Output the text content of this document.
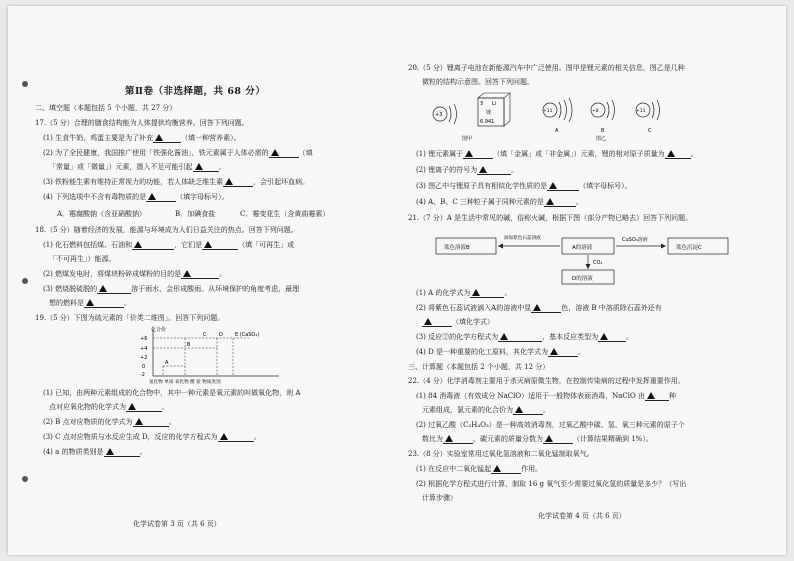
第Ⅱ卷（非选择题，共 68 分）
二、填空题（本题包括 5 个小题，共 27 分）
17.（5 分）合理的膳食结构能为人体提供均衡营养。回答下列问题。
(1) 生食牛奶、鸡蛋主要是为了补充	（填一种营养素）。
(2) 为了全民健康，我国推广使用「铁强化酱油」，铁元素属于人体必需的	（填
「常量」或「微量」）元素，摄入不足可能引起	。
(3) 铁粉能生素有维持正常视力的功能，若人体缺乏维生素	，会引起坏血病。
(4) 下列选项中不含有毒物质的是	（填字母标号）。
A．霉腐酸钠（含亚硝酸钠）	B．加碘食盐	C．霉变花生（含黄曲霉素）
18.（5 分）随着经济的发展，能源与环境成为人们日益关注的热点。回答下列问题。
(1) 化石燃料包括煤、石油和	，它们是	（填「可再生」或
「不可再生」）能源。
(2) 燃煤发电时，将煤块粉碎成煤粉的目的是	。
(3) 燃烧脱硫脱的	溶于雨水，会形成酸雨。从环境保护的角度考虑，最理
想的燃料是	。
19.（5 分）下图为硫元素的「价类二维图」。回答下列问题。
化合价
+6
+4
+2
0
-2
A
B
C	D E (CaSO₄)
氢化物 单质 氧化物 酸 盐 物质类别
(1) 已知，由两种元素组成的化合物中，其中一种元素是氧元素的叫做氧化物，则 A
点对应氧化物的化学式为	。
(2) B 点对应物质的化学式为	。
(3) C 点对应物质与水反应生成 D，反应的化学方程式为	。
(4) a 的物质类别是	。
化学试卷第 3 页（共 6 页）
20.（5 分）锂离子电池在新能源汽车中广泛使用。图甲是锂元素的相关信息，图乙是几种
微粒的结构示意图。回答下列问题。
+3
3 Li
锂
6.941
图甲
+11
A
+8
B
+11
C
图乙
(1) 锂元素属于	（填「金属」或「非金属」）元素，锂的相对原子质量为	。
(2) 锂离子的符号为	。
(3) 图乙中与锂原子具有相似化学性质的是	（填字母标号）。
(4) A、B、C 三种粒子属于同种元素的是	。
21.（7 分）A 是生活中常见的碱，俗称火碱，根据下图（部分产物已略去）回答下列问题。
蓝色溶液B
滴加紫色石蕊溶液
A的溶液
CuSO₄溶液
蓝色沉淀C
CO₂
D的溶液
(1) A 的化学式为	。
(2) 将紫色石蕊试液滴入A的溶液中显	色，溶液 B 中溶质除石蕊外还有
（填化学式）
(3) 反应②的化学方程式为	，基本反应类型为	。
(4) D 是一种重要的化工原料，其化学式为	。
三、计算题（本题包括 2 个小题，共 12 分）
22.（4 分）化学消毒剂主要用于杀灭病原微生物，在控制传染病的过程中发挥重要作用。
(1) 84 消毒液（有效成分 NaClO）适用于一般物体表面消毒，NaClO 由	种
元素组成，氯元素的化合价为	。
(2) 过氧乙酸（C₂H₄O₃）是一种高效消毒剂，过氧乙酸中碳、氢、氧三种元素的原子个
数比为	，碳元素的质量分数为	（计算结果精确到 1%）。
23.（8 分）实验室常用过氧化氢溶液和二氧化锰制取氧气。
(1) 在反应中二氧化锰起	作用。
(2) 根据化学方程式进行计算，制取 16 g 氧气至少需要过氧化氢的质量是多少？（写出
计算步骤）
化学试卷第 4 页（共 6 页）
